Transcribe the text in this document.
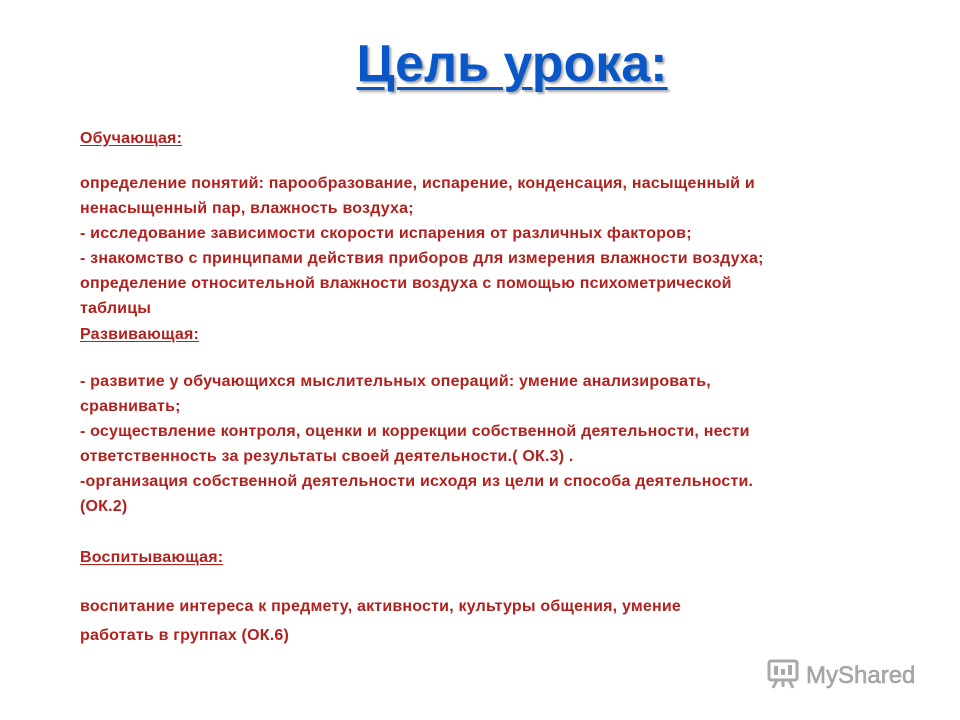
Цель урока:
Обучающая:
определение понятий: парообразование, испарение, конденсация, насыщенный и
ненасыщенный пар, влажность воздуха;
- исследование зависимости скорости испарения от различных факторов;
- знакомство с принципами действия приборов для измерения влажности воздуха;
определение относительной влажности воздуха с помощью психометрической
таблицы
Развивающая:
- развитие у обучающихся мыслительных операций: умение анализировать,
сравнивать;
- осуществление контроля, оценки и коррекции собственной деятельности, нести
ответственность за результаты своей деятельности.( ОК.3) .
-организация собственной деятельности исходя из цели и способа деятельности.
(ОК.2)
Воспитывающая:
воспитание интереса к предмету, активности, культуры общения, умение
работать в группах (ОК.6)
MyShared
